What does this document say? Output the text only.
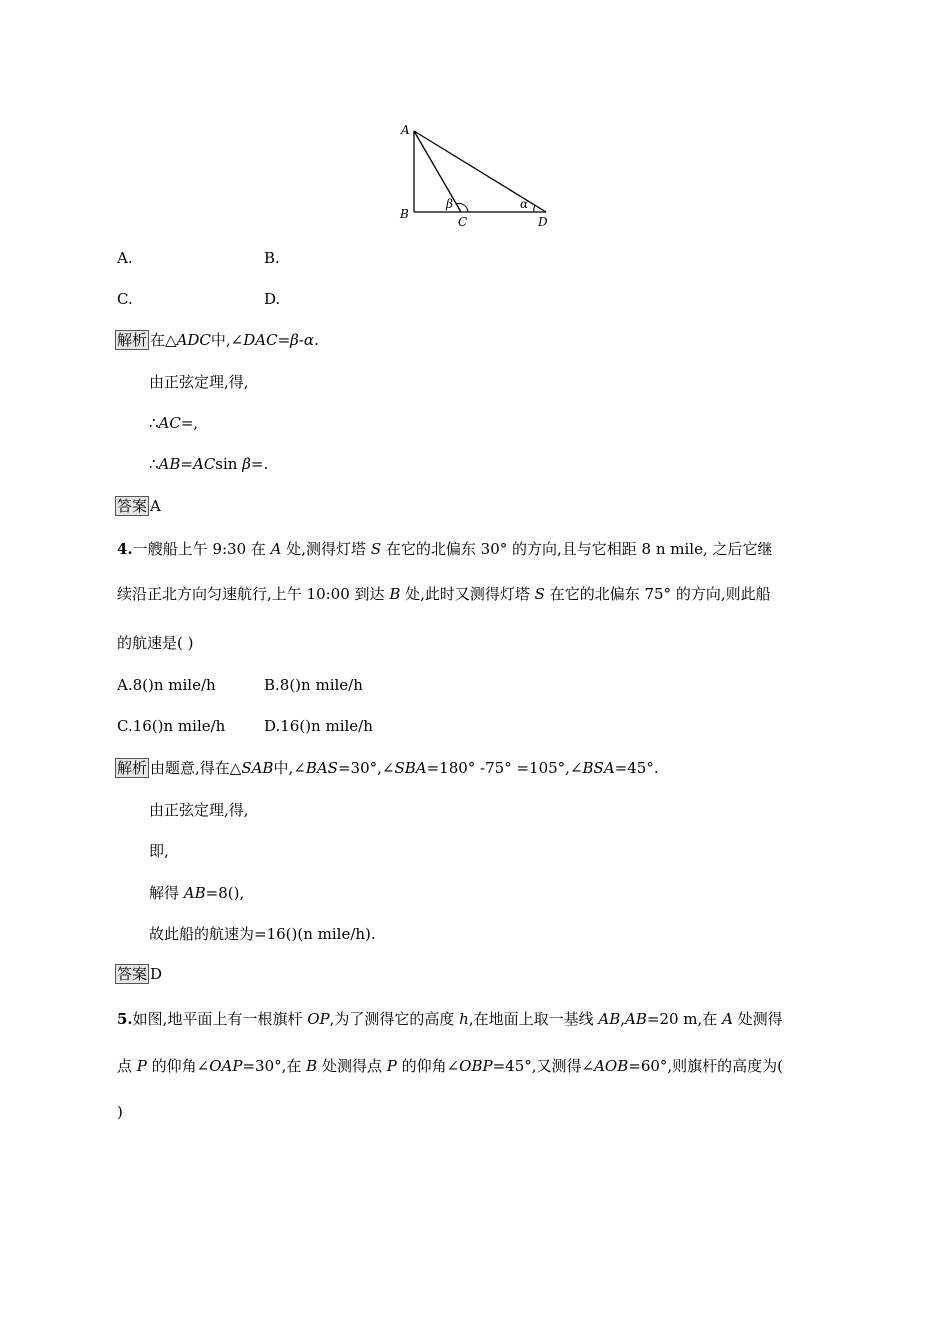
A
B
C	D
β	α
A.	B.
C.	D.
解析 在△ADC中,∠DAC=β-α.
由正弦定理,得,
∴AC=,
∴AB=ACsin β=.
答案 A
4.一艘船上午 9:30 在 A 处,测得灯塔 S 在它的北偏东 30° 的方向,且与它相距 8 n mile, 之后它继
续沿正北方向匀速航行,上午 10:00 到达 B 处,此时又测得灯塔 S 在它的北偏东 75° 的方向,则此船
的航速是( )
A.8()n mile/h	B.8()n mile/h
C.16()n mile/h	D.16()n mile/h
解析 由题意,得在△SAB中,∠BAS=30°,∠SBA=180° -75° =105°,∠BSA=45°.
由正弦定理,得,
即,
解得 AB=8(),
故此船的航速为=16()(n mile/h).
答案 D
5.如图,地平面上有一根旗杆 OP,为了测得它的高度 h,在地面上取一基线 AB,AB=20 m,在 A 处测得
点 P 的仰角∠OAP=30°,在 B 处测得点 P 的仰角∠OBP=45°,又测得∠AOB=60°,则旗杆的高度为(
)
